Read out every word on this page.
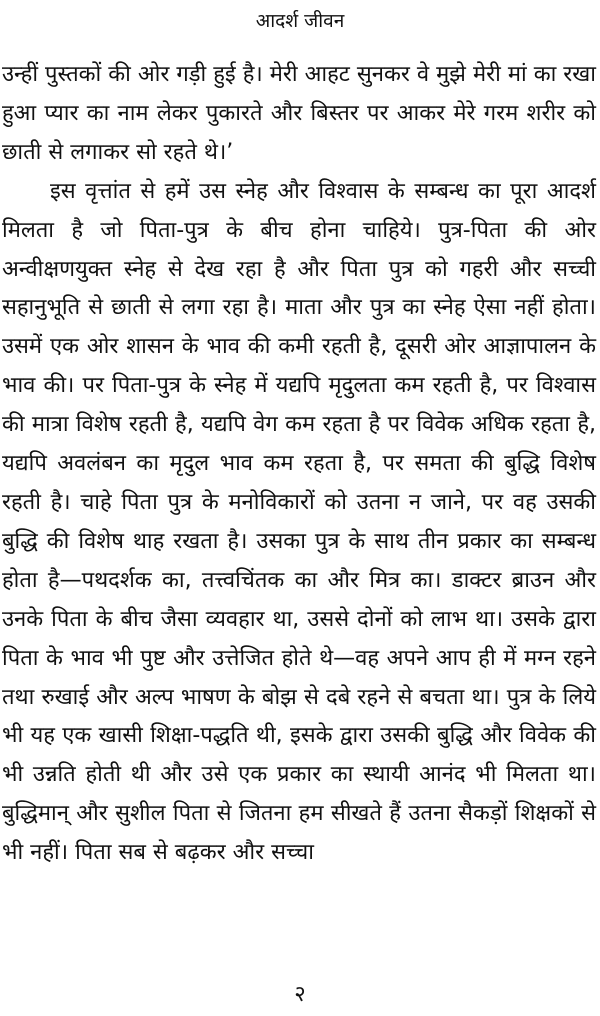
आदर्श जीवन

उन्हीं पुस्तकों की ओर गड़ी हुई है। मेरी आहट सुनकर वे मुझे मेरी मां का रखा हुआ प्यार का नाम लेकर पुकारते और बिस्तर पर आकर मेरे गरम शरीर को छाती से लगाकर सो रहते थे।’

इस वृत्तांत से हमें उस स्नेह और विश्वास के सम्बन्ध का पूरा आदर्श मिलता है जो पिता-पुत्र के बीच होना चाहिये। पुत्र-पिता की ओर अन्वीक्षणयुक्त स्नेह से देख रहा है और पिता पुत्र को गहरी और सच्ची सहानुभूति से छाती से लगा रहा है। माता और पुत्र का स्नेह ऐसा नहीं होता। उसमें एक ओर शासन के भाव की कमी रहती है, दूसरी ओर आज्ञापालन के भाव की। पर पिता-पुत्र के स्नेह में यद्यपि मृदुलता कम रहती है, पर विश्वास की मात्रा विशेष रहती है, यद्यपि वेग कम रहता है पर विवेक अधिक रहता है, यद्यपि अवलंबन का मृदुल भाव कम रहता है, पर समता की बुद्धि विशेष रहती है। चाहे पिता पुत्र के मनोविकारों को उतना न जाने, पर वह उसकी बुद्धि की विशेष थाह रखता है। उसका पुत्र के साथ तीन प्रकार का सम्बन्ध होता है—पथदर्शक का, तत्त्वचिंतक का और मित्र का। डाक्टर ब्राउन और उनके पिता के बीच जैसा व्यवहार था, उससे दोनों को लाभ था। उसके द्वारा पिता के भाव भी पुष्ट और उत्तेजित होते थे—वह अपने आप ही में मग्न रहने तथा रुखाई और अल्प भाषण के बोझ से दबे रहने से बचता था। पुत्र के लिये भी यह एक खासी शिक्षा-पद्धति थी, इसके द्वारा उसकी बुद्धि और विवेक की भी उन्नति होती थी और उसे एक प्रकार का स्थायी आनंद भी मिलता था। बुद्धिमान् और सुशील पिता से जितना हम सीखते हैं उतना सैकड़ों शिक्षकों से भी नहीं। पिता सब से बढ़कर और सच्चा

२
